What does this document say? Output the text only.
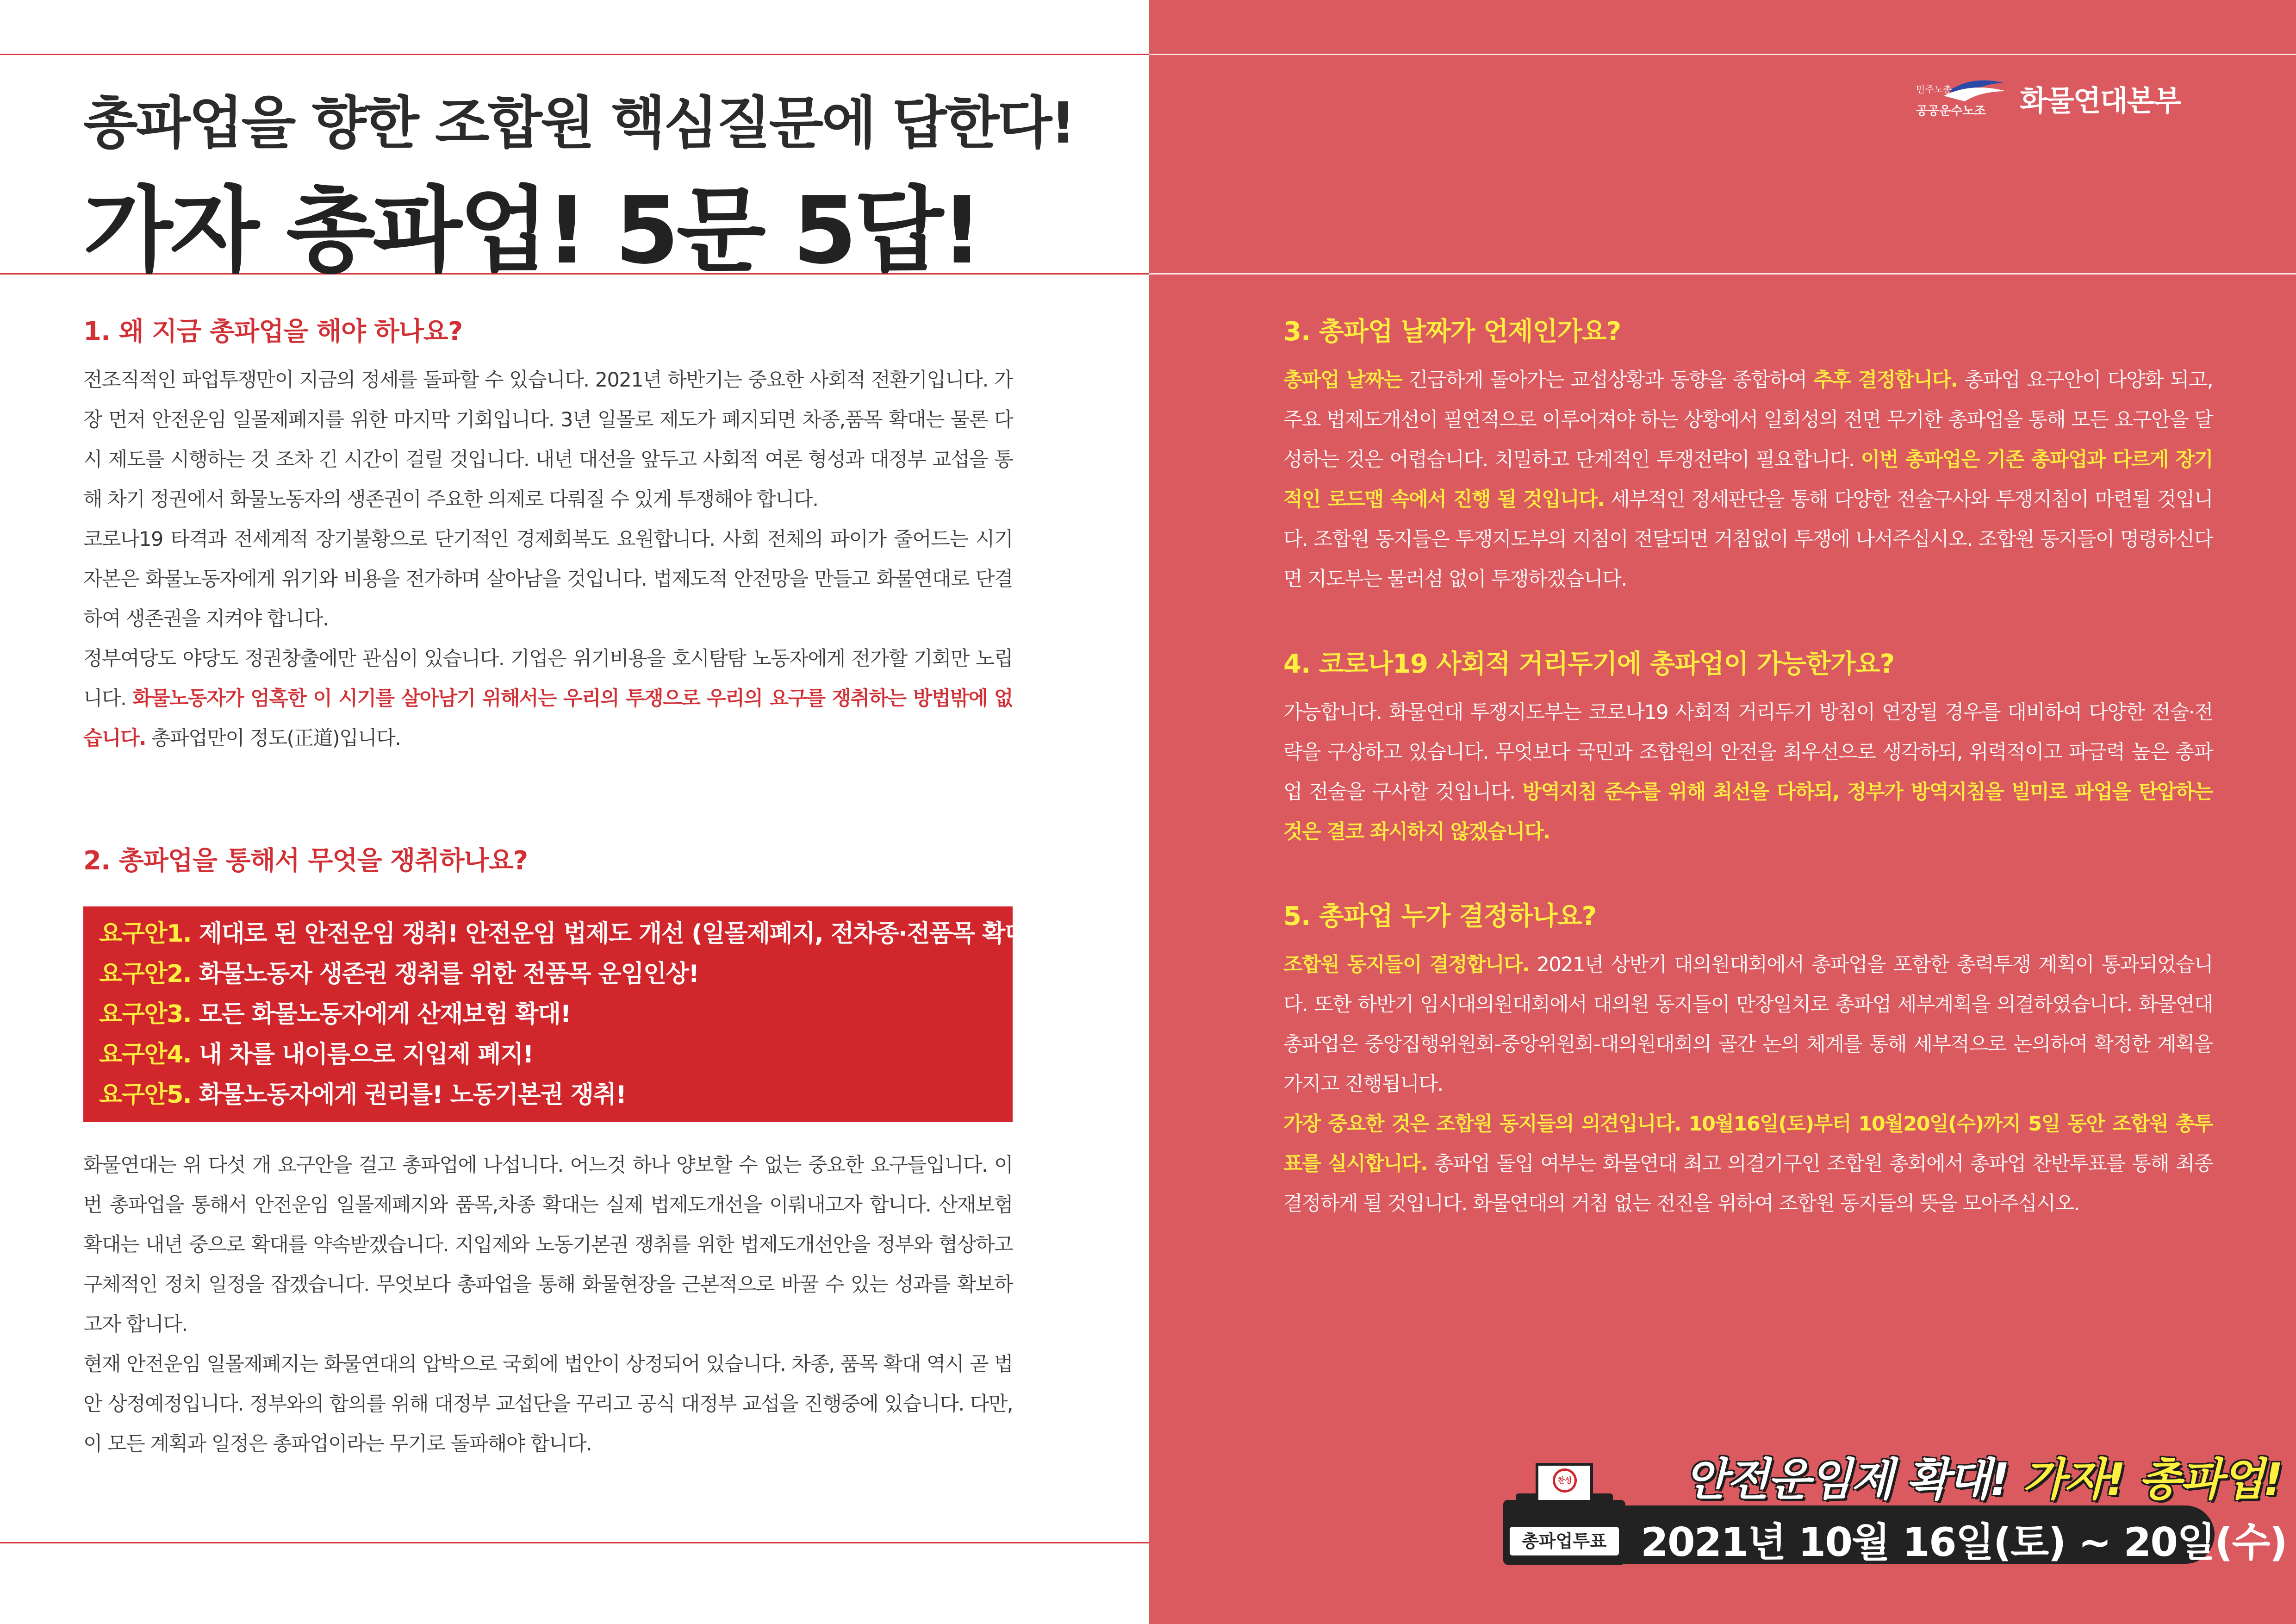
총파업을 향한 조합원 핵심질문에 답한다!
가자 총파업! 5문 5답!
민주노총
공공운수노조 화물연대본부
1. 왜 지금 총파업을 해야 하나요?

전조직적인 파업투쟁만이 지금의 정세를 돌파할 수 있습니다. 2021년 하반기는 중요한 사회적 전환기입니다. 가장 먼저 안전운임 일몰제폐지를 위한 마지막 기회입니다. 3년 일몰로 제도가 폐지되면 차종,품목 확대는 물론 다시 제도를 시행하는 것 조차 긴 시간이 걸릴 것입니다. 내년 대선을 앞두고 사회적 여론 형성과 대정부 교섭을 통해 차기 정권에서 화물노동자의 생존권이 주요한 의제로 다뤄질 수 있게 투쟁해야 합니다.

코로나19 타격과 전세계적 장기불황으로 단기적인 경제회복도 요원합니다. 사회 전체의 파이가 줄어드는 시기 자본은 화물노동자에게 위기와 비용을 전가하며 살아남을 것입니다. 법제도적 안전망을 만들고 화물연대로 단결하여 생존권을 지켜야 합니다.

정부여당도 야당도 정권창출에만 관심이 있습니다. 기업은 위기비용을 호시탐탐 노동자에게 전가할 기회만 노립니다. 화물노동자가 엄혹한 이 시기를 살아남기 위해서는 우리의 투쟁으로 우리의 요구를 쟁취하는 방법밖에 없습니다. 총파업만이 정도(正道)입니다.

2. 총파업을 통해서 무엇을 쟁취하나요?
요구안1. 제대로 된 안전운임 쟁취! 안전운임 법제도 개선 (일몰제폐지, 전차종·전품목 확대)
요구안2. 화물노동자 생존권 쟁취를 위한 전품목 운임인상!
요구안3. 모든 화물노동자에게 산재보험 확대!
요구안4. 내 차를 내이름으로 지입제 폐지!
요구안5. 화물노동자에게 권리를! 노동기본권 쟁취!

화물연대는 위 다섯 개 요구안을 걸고 총파업에 나섭니다. 어느것 하나 양보할 수 없는 중요한 요구들입니다. 이번 총파업을 통해서 안전운임 일몰제폐지와 품목,차종 확대는 실제 법제도개선을 이뤄내고자 합니다. 산재보험 확대는 내년 중으로 확대를 약속받겠습니다. 지입제와 노동기본권 쟁취를 위한 법제도개선안을 정부와 협상하고 구체적인 정치 일정을 잡겠습니다. 무엇보다 총파업을 통해 화물현장을 근본적으로 바꿀 수 있는 성과를 확보하고자 합니다.

현재 안전운임 일몰제폐지는 화물연대의 압박으로 국회에 법안이 상정되어 있습니다. 차종, 품목 확대 역시 곧 법안 상정예정입니다. 정부와의 합의를 위해 대정부 교섭단을 꾸리고 공식 대정부 교섭을 진행중에 있습니다. 다만, 이 모든 계획과 일정은 총파업이라는 무기로 돌파해야 합니다.

3. 총파업 날짜가 언제인가요?

총파업 날짜는 긴급하게 돌아가는 교섭상황과 동향을 종합하여 추후 결정합니다. 총파업 요구안이 다양화 되고, 주요 법제도개선이 필연적으로 이루어져야 하는 상황에서 일회성의 전면 무기한 총파업을 통해 모든 요구안을 달성하는 것은 어렵습니다. 치밀하고 단계적인 투쟁전략이 필요합니다. 이번 총파업은 기존 총파업과 다르게 장기적인 로드맵 속에서 진행 될 것입니다. 세부적인 정세판단을 통해 다양한 전술구사와 투쟁지침이 마련될 것입니다. 조합원 동지들은 투쟁지도부의 지침이 전달되면 거침없이 투쟁에 나서주십시오. 조합원 동지들이 명령하신다면 지도부는 물러섬 없이 투쟁하겠습니다.

4. 코로나19 사회적 거리두기에 총파업이 가능한가요?

가능합니다. 화물연대 투쟁지도부는 코로나19 사회적 거리두기 방침이 연장될 경우를 대비하여 다양한 전술·전략을 구상하고 있습니다. 무엇보다 국민과 조합원의 안전을 최우선으로 생각하되, 위력적이고 파급력 높은 총파업 전술을 구사할 것입니다. 방역지침 준수를 위해 최선을 다하되, 정부가 방역지침을 빌미로 파업을 탄압하는 것은 결코 좌시하지 않겠습니다.

5. 총파업 누가 결정하나요?

조합원 동지들이 결정합니다. 2021년 상반기 대의원대회에서 총파업을 포함한 총력투쟁 계획이 통과되었습니다. 또한 하반기 임시대의원대회에서 대의원 동지들이 만장일치로 총파업 세부계획을 의결하였습니다. 화물연대 총파업은 중앙집행위원회-중앙위원회-대의원대회의 골간 논의 체계를 통해 세부적으로 논의하여 확정한 계획을 가지고 진행됩니다.

가장 중요한 것은 조합원 동지들의 의견입니다. 10월16일(토)부터 10월20일(수)까지 5일 동안 조합원 총투표를 실시합니다. 총파업 돌입 여부는 화물연대 최고 의결기구인 조합원 총회에서 총파업 찬반투표를 통해 최종 결정하게 될 것입니다. 화물연대의 거침 없는 전진을 위하여 조합원 동지들의 뜻을 모아주십시오.

안전운임제 확대! 가자! 총파업!
2021년 10월 16일(토) ~ 20일(수)
찬성
총파업투표
